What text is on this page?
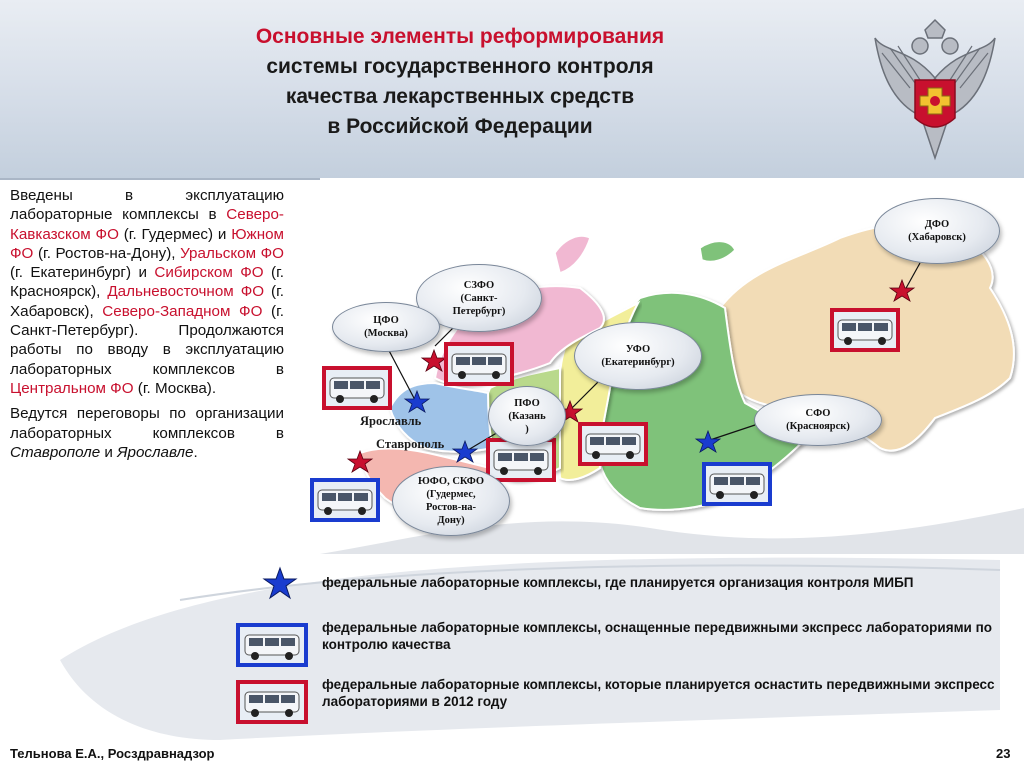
Основные элементы реформирования
системы государственного контроля
качества лекарственных средств
в Российской Федерации

Введены в эксплуатацию лабораторные комплексы в Северо-Кавказском ФО (г. Гудермес) и Южном ФО (г. Ростов-на-Дону), Уральском ФО (г. Екатеринбург) и Сибирском ФО (г. Красноярск), Дальневосточном ФО (г. Хабаровск), Северо-Западном ФО (г. Санкт-Петербург). Продолжаются работы по вводу в эксплуатацию лабораторных комплексов в Центральном ФО (г. Москва).

Ведутся переговоры по организации лабораторных комплексов в Ставрополе и Ярославле.

Ярославль
Ставрополь
ДФО
(Хабаровск)
СЗФО
(Санкт-
Петербург)
ЦФО
(Москва)
УФО
(Екатеринбург)
ПФО
(Казань
)
СФО
(Красноярск)
ЮФО, СКФО
(Гудермес,
Ростов-на-
Дону)
федеральные лабораторные комплексы, где планируется организация контроля МИБП
федеральные лабораторные комплексы, оснащенные передвижными экспресс лабораториями по контролю качества
федеральные лабораторные комплексы, которые планируется оснастить передвижными экспресс лабораториями в 2012 году
Тельнова Е.А., Росздравнадзор	23
